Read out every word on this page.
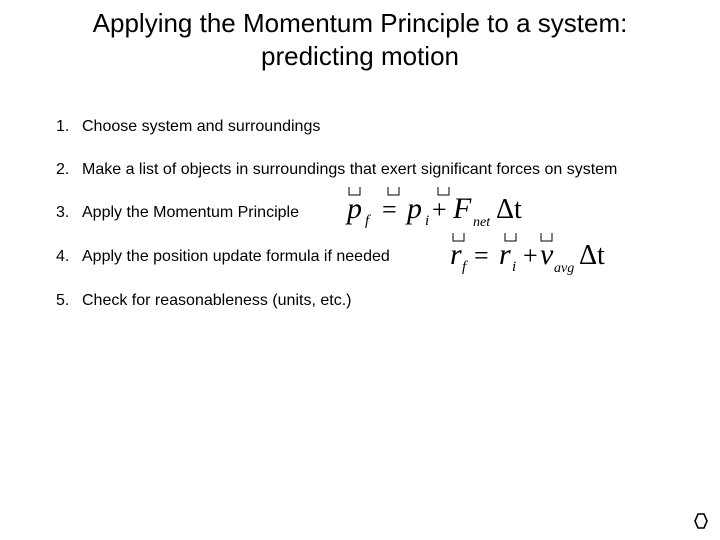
Applying the Momentum Principle to a system:
predicting motion
1. Choose system and surroundings
2. Make a list of objects in surroundings that exert significant forces on system
3. Apply the Momentum Principle
4. Apply the position update formula if needed
5. Check for reasonableness (units, etc.)
p f = p i + F net Δt
r f = r i + v avg Δt
